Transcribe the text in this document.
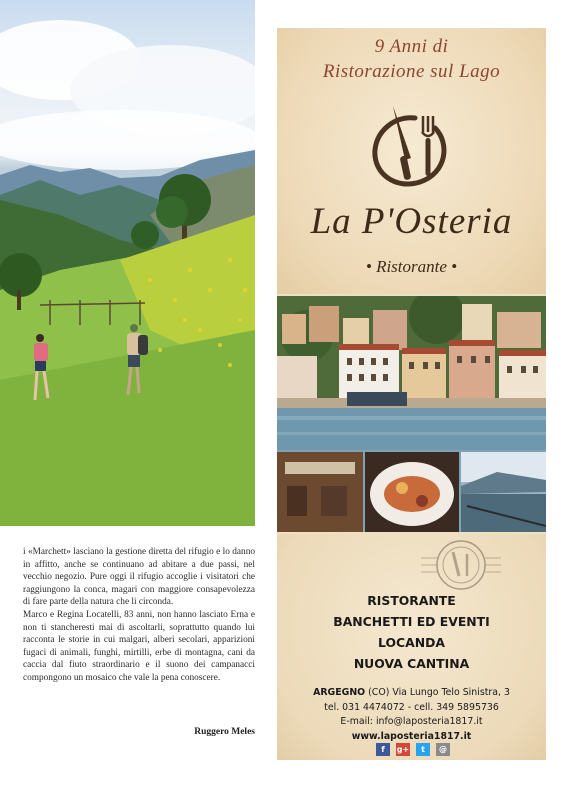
i «Marchett» lasciano la gestione diretta del rifugio e lo danno in affitto, anche se continuano ad abitare a due passi, nel vecchio negozio. Pure oggi il rifugio accoglie i visitatori che raggiungono la conca, magari con maggiore consapevolezza di fare parte della natura che li circonda.

Marco e Regina Locatelli, 83 anni, non hanno lasciato Erna e non ti stancheresti mai di ascoltarli, soprattutto quando lui racconta le storie in cui malgari, alberi secolari, apparizioni fugaci di animali, funghi, mirtilli, erbe di montagna, cani da caccia dal fiuto straordinario e il suono dei campanacci compongono un mosaico che vale la pena conoscere.

Ruggero Meles
9 Anni di
Ristorazione sul Lago
La P'Osteria
• Ristorante •
RISTORANTE
BANCHETTI ED EVENTI
LOCANDA
NUOVA CANTINA
ARGEGNO (CO) Via Lungo Telo Sinistra, 3
tel. 031 4474072 - cell. 349 5895736
E-mail: info@laposteria1817.it
www.laposteria1817.it
f	g+	t	@
